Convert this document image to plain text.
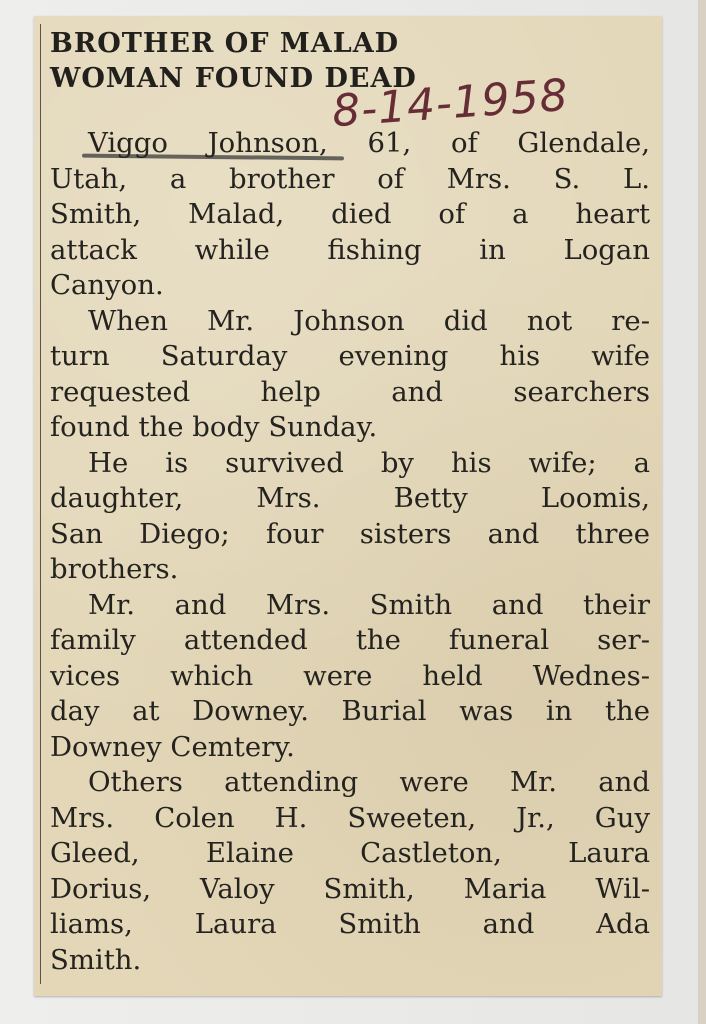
BROTHER OF MALAD
WOMAN FOUND DEAD
8-14-1958
Viggo Johnson, 61, of Glendale,
Utah, a brother of Mrs. S. L.
Smith, Malad, died of a heart
attack while fishing in Logan
Canyon.
When Mr. Johnson did not re-
turn Saturday evening his wife
requested help and searchers
found the body Sunday.
He is survived by his wife; a
daughter, Mrs. Betty Loomis,
San Diego; four sisters and three
brothers.
Mr. and Mrs. Smith and their
family attended the funeral ser-
vices which were held Wednes-
day at Downey. Burial was in the
Downey Cemtery.
Others attending were Mr. and
Mrs. Colen H. Sweeten, Jr., Guy
Gleed, Elaine Castleton, Laura
Dorius, Valoy Smith, Maria Wil-
liams, Laura Smith and Ada
Smith.
